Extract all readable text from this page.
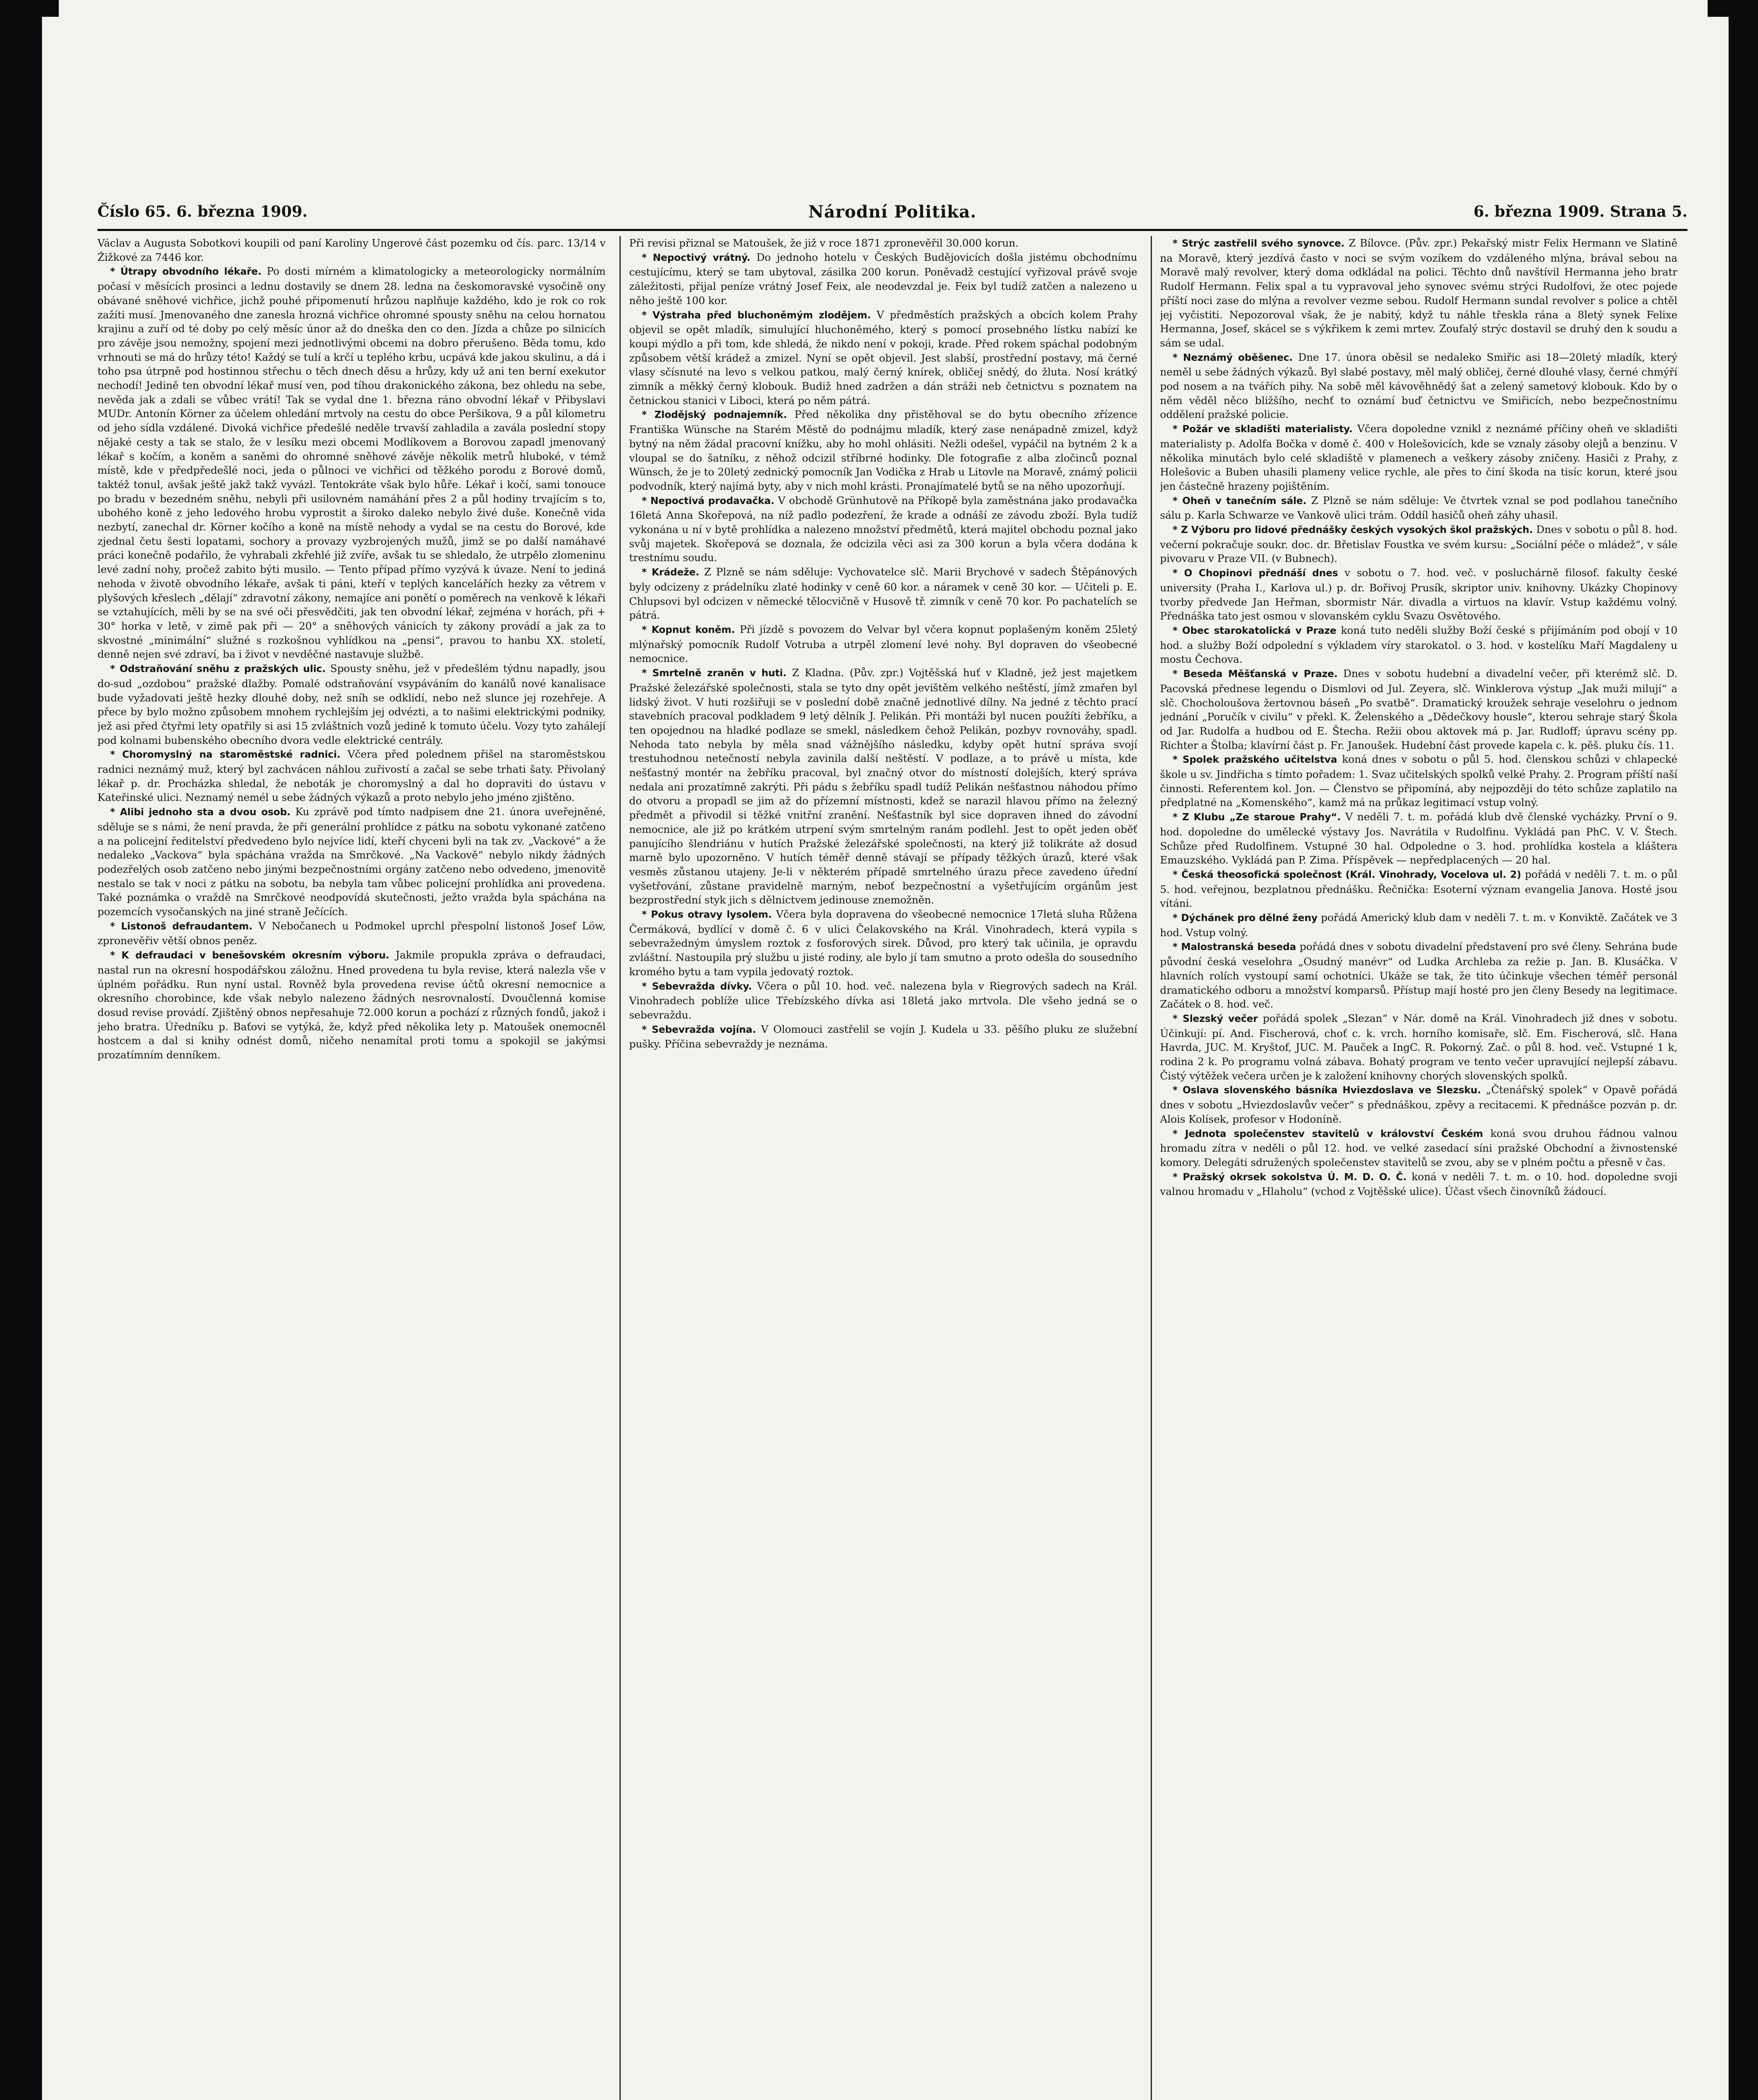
Číslo 65. 6. března 1909.	Národní Politika.	6. března 1909. Strana 5.

Václav a Augusta Sobotkovi koupili od paní Karoliny Ungerové část pozemku od čís. parc. 13/14 v Žižkové za 7446 kor.

* Útrapy obvodního lékaře. Po dosti mírném a klimatologicky a meteorologicky normálním počasí v měsících prosinci a lednu dostavily se dnem 28. ledna na českomoravské vysočině ony obávané sněhové vichřice, jichž pouhé připomenutí hrůzou naplňuje každého, kdo je rok co rok zažíti musí. Jmenovaného dne zanesla hrozná vichřice ohromné spousty sněhu na celou hornatou krajinu a zuří od té doby po celý měsíc únor až do dneška den co den. Jízda a chůze po silnicích pro závěje jsou nemožny, spojení mezi jednotlivými obcemi na dobro přerušeno. Běda tomu, kdo vrhnouti se má do hrůzy této! Každý se tulí a krčí u teplého krbu, ucpává kde jakou skulinu, a dá i toho psa útrpně pod hostinnou střechu o těch dnech děsu a hrůzy, kdy už ani ten berní exekutor nechodí! Jedině ten obvodní lékař musí ven, pod tíhou drakonického zákona, bez ohledu na sebe, nevěda jak a zdali se vůbec vrátí! Tak se vydal dne 1. března ráno obvodní lékař v Přibyslavi MUDr. Antonín Körner za účelem ohledání mrtvoly na cestu do obce Peršikova, 9 a půl kilometru od jeho sídla vzdálené. Divoká vichřice předešlé neděle trvavší zahladila a zavála poslední stopy nějaké cesty a tak se stalo, že v lesíku mezi obcemi Modlíkovem a Borovou zapadl jmenovaný lékař s kočím, a koněm a saněmi do ohromné sněhové závěje několik metrů hluboké, v témž místě, kde v předpředešlé noci, jeda o půlnoci ve vichřici od těžkého porodu z Borové domů, taktéž tonul, avšak ještě jakž takž vyvázl. Tentokráte však bylo hůře. Lékař i kočí, sami tonouce po bradu v bezedném sněhu, nebyli při usilovném namáhání přes 2 a půl hodiny trvajícím s to, ubohého koně z jeho ledového hrobu vyprostit a široko daleko nebylo živé duše. Konečně vida nezbytí, zanechal dr. Körner kočího a koně na místě nehody a vydal se na cestu do Borové, kde zjednal četu šesti lopatami, sochory a provazy vyzbrojených mužů, jimž se po další namáhavé práci konečně podařilo, že vyhrabali zkřehlé již zvíře, avšak tu se shledalo, že utrpělo zlomeninu levé zadní nohy, pročež zabito býti musilo. — Tento případ přímo vyzývá k úvaze. Není to jediná nehoda v životě obvodního lékaře, avšak ti páni, kteří v teplých kancelářích hezky za větrem v plyšových křeslech „dělají“ zdravotní zákony, nemajíce ani ponětí o poměrech na venkově k lékaři se vztahujících, měli by se na své oči přesvědčiti, jak ten obvodní lékař, zejména v horách, při + 30° horka v letě, v zimě pak při — 20° a sněhových vánicích ty zákony provádí a jak za to skvostné „minimální“ služné s rozkošnou vyhlídkou na „pensi“, pravou to hanbu XX. století, denně nejen své zdraví, ba i život v nevděčné nastavuje službě.

* Odstraňování sněhu z pražských ulic. Spousty sněhu, jež v předešlém týdnu napadly, jsou do-sud „ozdobou“ pražské dlažby. Pomalé odstraňování vsypáváním do kanálů nové kanalisace bude vyžadovati ještě hezky dlouhé doby, než sníh se odklidí, nebo než slunce jej rozehřeje. A přece by bylo možno způsobem mnohem rychlejším jej odvézti, a to našimi elektrickými podniky, jež asi před čtyřmi lety opatřily si asi 15 zvláštních vozů jedině k tomuto účelu. Vozy tyto zahálejí pod kolnami bubenského obecního dvora vedle elektrické centrály.

* Choromyslný na staroměstské radnici. Včera před polednem přišel na staroměstskou radnici neznámý muž, který byl zachvácen náhlou zuřivostí a začal se sebe trhati šaty. Přivolaný lékař p. dr. Procházka shledal, že neboták je choromyslný a dal ho dopraviti do ústavu v Kateřinské ulici. Neznamý nemél u sebe žádných výkazů a proto nebylo jeho jméno zjištěno.

* Alibi jednoho sta a dvou osob. Ku zprávě pod tímto nadpisem dne 21. února uveřejněné, sděluje se s námi, že není pravda, že při generální prohlídce z pátku na sobotu vykonané zatčeno a na policejní ředitelství předvedeno bylo nejvíce lidí, kteří chyceni byli na tak zv. „Vackové“ a že nedaleko „Vackova“ byla spáchána vražda na Smrčkové. „Na Vackově“ nebylo nikdy žádných podezřelých osob zatčeno nebo jinými bezpečnostními orgány zatčeno nebo odvedeno, jmenovitě nestalo se tak v noci z pátku na sobotu, ba nebyla tam vůbec policejní prohlídka ani provedena. Také poznámka o vraždě na Smrčkové neodpovídá skutečnosti, ježto vražda byla spáchána na pozemcích vysočanských na jiné straně Ječících.

* Listonoš defraudantem. V Nebočanech u Podmokel uprchl přespolní listonoš Josef Löw, zpronevěřiv větší obnos peněz.

* K defraudaci v benešovském okresním výboru. Jakmile propukla zpráva o defraudaci, nastal run na okresní hospodářskou záložnu. Hned provedena tu byla revise, která nalezla vše v úplném pořádku. Run nyní ustal. Rovněž byla provedena revise účtů okresní nemocnice a okresního chorobince, kde však nebylo nalezeno žádných nesrovnalostí. Dvoučlenná komise dosud revise provádí. Zjištěný obnos nepřesahuje 72.000 korun a pochází z různých fondů, jakož i jeho bratra. Úředníku p. Baťovi se vytýká, že, když před několika lety p. Matoušek onemocněl hostcem a dal si knihy odnést domů, ničeho nenamítal proti tomu a spokojil se jakýmsi prozatímním denníkem.

Při revisi přiznal se Matoušek, že již v roce 1871 zpronevěřil 30.000 korun.

* Nepoctivý vrátný. Do jednoho hotelu v Českých Budějovicích došla jistému obchodnímu cestujícímu, který se tam ubytoval, zásilka 200 korun. Poněvadž cestující vyřizoval právě svoje záležitosti, přijal peníze vrátný Josef Feix, ale neodevzdal je. Feix byl tudíž zatčen a nalezeno u něho ještě 100 kor.

* Výstraha před bluchoněmým zlodějem. V předměstích pražských a obcích kolem Prahy objevil se opět mladík, simulující hluchoněmého, který s pomocí prosebného lístku nabízí ke koupi mýdlo a při tom, kde shledá, že nikdo není v pokoji, krade. Před rokem spáchal podobným způsobem větší krádež a zmizel. Nyní se opět objevil. Jest slabší, prostřední postavy, má černé vlasy sčísnuté na levo s velkou patkou, malý černý knírek, obličej snědý, do žluta. Nosí krátký zimník a měkký černý klobouk. Budiž hned zadržen a dán stráži neb četnictvu s poznatem na četnickou stanici v Liboci, která po něm pátrá.

* Zlodějský podnajemník. Před několika dny přistěhoval se do bytu obecního zřízence Františka Wünsche na Starém Městě do podnájmu mladík, který zase nenápadně zmizel, když bytný na něm žádal pracovní knížku, aby ho mohl ohlásiti. Nežli odešel, vypáčil na bytném 2 k a vloupal se do šatníku, z něhož odcizil stříbrné hodinky. Dle fotografie z alba zločinců poznal Wünsch, že je to 20letý zednický pomocník Jan Vodička z Hrab u Litovle na Moravě, známý policii podvodník, který najímá byty, aby v nich mohl krásti. Pronajímatelé bytů se na něho upozorňují.

* Nepoctivá prodavačka. V obchodě Grünhutově na Příkopě byla zaměstnána jako prodavačka 16letá Anna Skořepová, na níž padlo podezření, že krade a odnáší ze závodu zboží. Byla tudíž vykonána u ní v bytě prohlídka a nalezeno množství předmětů, která majitel obchodu poznal jako svůj majetek. Skořepová se doznala, že odcizila věci asi za 300 korun a byla včera dodána k trestnímu soudu.

* Krádeže. Z Plzně se nám sděluje: Vychovatelce slč. Marii Brychové v sadech Štěpánových byly odcizeny z prádelníku zlaté hodinky v ceně 60 kor. a náramek v ceně 30 kor. — Učiteli p. E. Chlupsovi byl odcizen v německé tělocvičně v Husově tř. zimník v ceně 70 kor. Po pachatelích se pátrá.

* Kopnut koněm. Při jízdě s povozem do Velvar byl včera kopnut poplašeným koněm 25letý mlýnařský pomocník Rudolf Votruba a utrpěl zlomení levé nohy. Byl dopraven do všeobecné nemocnice.

* Smrtelně zraněn v huti. Z Kladna. (Pův. zpr.) Vojtěšská huť v Kladně, jež jest majetkem Pražské železářské společnosti, stala se tyto dny opět jevištěm velkého neštěstí, jímž zmařen byl lidský život. V huti rozšiřuji se v poslední době značně jednotlivé dílny. Na jedné z těchto prací stavebních pracoval podkladem 9 letý dělník J. Pelikán. Při montáži byl nucen použíti žebříku, a ten opojednou na hladké podlaze se smekl, následkem čehož Pelikán, pozbyv rovnováhy, spadl. Nehoda tato nebyla by měla snad vážnějšího následku, kdyby opět hutní správa svojí trestuhodnou netečností nebyla zavinila další neštěstí. V podlaze, a to právě u místa, kde nešťastný montér na žebříku pracoval, byl značný otvor do místností dolejších, který správa nedala ani prozatímně zakrýti. Při pádu s žebříku spadl tudíž Pelikán nešťastnou náhodou přímo do otvoru a propadl se jim až do přízemní místnosti, kdež se narazil hlavou přímo na železný předmět a přivodil si těžké vnitřní zranění. Nešťastník byl sice dopraven ihned do závodní nemocnice, ale již po krátkém utrpení svým smrtelným ranám podlehl. Jest to opět jeden oběť panujícího šlendriánu v hutích Pražské železářské společnosti, na který již tolikráte až dosud marně bylo upozorněno. V hutích téměř denně stávají se případy těžkých úrazů, které však vesměs zůstanou utajeny. Je-li v některém případě smrtelného úrazu přece zavedeno úřední vyšetřování, zůstane pravidelně marným, neboť bezpečnostní a vyšetřujícím orgánům jest bezprostřední styk jich s dělnictvem jedinouse znemožněn.

* Pokus otravy lysolem. Včera byla dopravena do všeobecné nemocnice 17letá sluha Růžena Čermáková, bydlící v domě č. 6 v ulici Čelakovského na Král. Vinohradech, která vypila s sebevražedným úmyslem roztok z fosforových sirek. Důvod, pro který tak učinila, je opravdu zvláštní. Nastoupila prý službu u jisté rodiny, ale bylo jí tam smutno a proto odešla do sousedního kromého bytu a tam vypila jedovatý roztok.

* Sebevražda dívky. Včera o půl 10. hod. več. nalezena byla v Riegrových sadech na Král. Vinohradech poblíže ulice Třebízského dívka asi 18letá jako mrtvola. Dle všeho jedná se o sebevraždu.

* Sebevražda vojína. V Olomouci zastřelil se vojín J. Kudela u 33. pěšího pluku ze služební pušky. Příčina sebevraždy je neznáma.

* Strýc zastřelil svého synovce. Z Bílovce. (Pův. zpr.) Pekařský mistr Felix Hermann ve Slatině na Moravě, který jezdívá často v noci se svým vozíkem do vzdáleného mlýna, brával sebou na Moravě malý revolver, který doma odkládal na polici. Těchto dnů navštívil Hermanna jeho bratr Rudolf Hermann. Felix spal a tu vypravoval jeho synovec svému strýci Rudolfovi, že otec pojede příští noci zase do mlýna a revolver vezme sebou. Rudolf Hermann sundal revolver s police a chtěl jej vyčistiti. Nepozoroval však, že je nabitý, když tu náhle třeskla rána a 8letý synek Felixe Hermanna, Josef, skácel se s výkřikem k zemi mrtev. Zoufalý strýc dostavil se druhý den k soudu a sám se udal.

* Neznámý oběšenec. Dne 17. února oběsil se nedaleko Smiřic asi 18—20letý mladík, který neměl u sebe žádných výkazů. Byl slabé postavy, měl malý obličej, černé dlouhé vlasy, černé chmýří pod nosem a na tvářích pihy. Na sobě měl kávověhnědý šat a zelený sametový klobouk. Kdo by o něm věděl něco bližšího, nechť to oznámí buď četnictvu ve Smiřicích, nebo bezpečnostnímu oddělení pražské policie.

* Požár ve skladišti materialisty. Včera dopoledne vznikl z neznámé příčiny oheň ve skladišti materialisty p. Adolfa Bočka v domě č. 400 v Holešovicích, kde se vznaly zásoby olejů a benzinu. V několika minutách bylo celé skladiště v plamenech a veškery zásoby zničeny. Hasiči z Prahy, z Holešovic a Buben uhasili plameny velice rychle, ale přes to činí škoda na tisíc korun, které jsou jen částečně hrazeny pojištěním.

* Oheň v tanečním sále. Z Plzně se nám sděluje: Ve čtvrtek vznal se pod podlahou tanečního sálu p. Karla Schwarze ve Vankově ulici trám. Oddíl hasičů oheň záhy uhasil.

* Z Výboru pro lidové přednášky českých vysokých škol pražských. Dnes v sobotu o půl 8. hod. večerní pokračuje soukr. doc. dr. Břetislav Foustka ve svém kursu: „Sociální péče o mládež“, v sále pivovaru v Praze VII. (v Bubnech).

* O Chopinovi přednáší dnes v sobotu o 7. hod. več. v posluchárně filosof. fakulty české university (Praha I., Karlova ul.) p. dr. Bořivoj Prusík, skriptor univ. knihovny. Ukázky Chopinovy tvorby předvede Jan Heřman, sbormistr Nár. divadla a virtuos na klavír. Vstup každému volný. Přednáška tato jest osmou v slovanském cyklu Svazu Osvětového.

* Obec starokatolická v Praze koná tuto neděli služby Boží české s přijímáním pod obojí v 10 hod. a služby Boží odpolední s výkladem víry starokatol. o 3. hod. v kostelíku Maří Magdaleny u mostu Čechova.

* Beseda Měšťanská v Praze. Dnes v sobotu hudební a divadelní večer, při kterémž slč. D. Pacovská přednese legendu o Dismlovi od Jul. Zeyera, slč. Winklerova výstup „Jak muži milují“ a slč. Chocholoušova žertovnou báseň „Po svatbě“. Dramatický kroužek sehraje veselohru o jednom jednání „Poručík v civilu“ v překl. K. Želenského a „Dědečkovy housle“, kterou sehraje starý Škola od Jar. Rudolfa a hudbou od E. Štecha. Režii obou aktovek má p. Jar. Rudloff; úpravu scény pp. Richter a Štolba; klavírní část p. Fr. Janoušek. Hudební část provede kapela c. k. pěš. pluku čís. 11.

* Spolek pražského učitelstva koná dnes v sobotu o půl 5. hod. členskou schůzi v chlapecké škole u sv. Jindřicha s tímto pořadem: 1. Svaz učitelských spolků velké Prahy. 2. Program příští naší činnosti. Referentem kol. Jon. — Členstvo se připomíná, aby nejpozději do této schůze zaplatilo na předplatné na „Komenského“, kamž má na průkaz legitimací vstup volný.

* Z Klubu „Ze staroue Prahy“. V neděli 7. t. m. pořádá klub dvě členské vycházky. První o 9. hod. dopoledne do umělecké výstavy Jos. Navrátila v Rudolfinu. Vykládá pan PhC. V. V. Štech. Schůze před Rudolfinem. Vstupné 30 hal. Odpoledne o 3. hod. prohlídka kostela a kláštera Emauzského. Vykládá pan P. Zima. Příspěvek — nepředplacených — 20 hal.

* Česká theosofická společnost (Král. Vinohrady, Vocelova ul. 2) pořádá v neděli 7. t. m. o půl 5. hod. veřejnou, bezplatnou přednášku. Řečnička: Esoterní význam evangelia Janova. Hosté jsou vítáni.

* Dýchánek pro dělné ženy pořádá Americký klub dam v neděli 7. t. m. v Konviktě. Začátek ve 3 hod. Vstup volný.

* Malostranská beseda pořádá dnes v sobotu divadelní představení pro své členy. Sehrána bude původní česká veselohra „Osudný manévr“ od Ludka Archleba za režie p. Jan. B. Klusáčka. V hlavních rolích vystoupí samí ochotníci. Ukáže se tak, že tito účinkuje všechen téměř personál dramatického odboru a množství komparsů. Přístup mají hosté pro jen členy Besedy na legitimace. Začátek o 8. hod. več.

* Slezský večer pořádá spolek „Slezan“ v Nár. domě na Král. Vinohradech již dnes v sobotu. Účinkují: pí. And. Fischerová, choť c. k. vrch. horního komisaře, slč. Em. Fischerová, slč. Hana Havrda, JUC. M. Kryštof, JUC. M. Pauček a IngC. R. Pokorný. Zač. o půl 8. hod. več. Vstupné 1 k, rodina 2 k. Po programu volná zábava. Bohatý program ve tento večer upravující nejlepší zábavu. Čistý výtěžek večera určen je k založení knihovny chorých slovenských spolků.

* Oslava slovenského básníka Hviezdoslava ve Slezsku. „Čtenářský spolek“ v Opavě pořádá dnes v sobotu „Hviezdoslavův večer“ s přednáškou, zpěvy a recitacemi. K přednášce pozván p. dr. Alois Kolísek, profesor v Hodoníně.

* Jednota společenstev stavitelů v království Českém koná svou druhou řádnou valnou hromadu zítra v neděli o půl 12. hod. ve velké zasedací síni pražské Obchodní a živnostenské komory. Delegáti sdružených společenstev stavitelů se zvou, aby se v plném počtu a přesně v čas.

* Pražský okrsek sokolstva Ú. M. D. O. Č. koná v neděli 7. t. m. o 10. hod. dopoledne svoji valnou hromadu v „Hlaholu“ (vchod z Vojtěšské ulice). Účast všech činovníků žádoucí.
